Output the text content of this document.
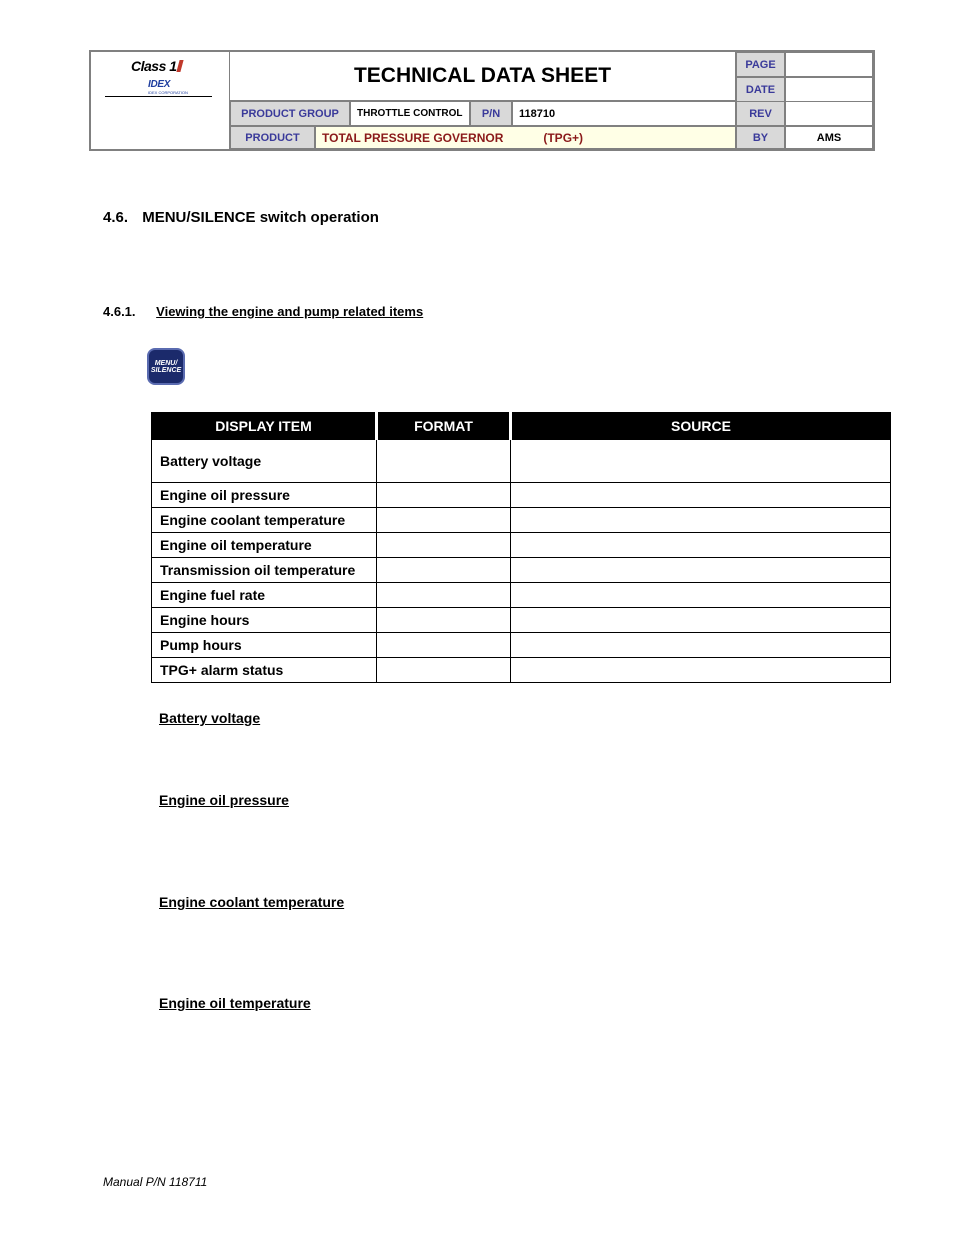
Class 1
IDEX
IDEX CORPORATION
TECHNICAL DATA SHEET	PAGE
DATE
PRODUCT GROUP	THROTTLE CONTROL	P/N	118710	REV
PRODUCT	TOTAL PRESSURE GOVERNOR	(TPG+)	BY	AMS
4.6. MENU/SILENCE switch operation

4.6.1. Viewing the engine and pump related items

MENU/
SILENCE
DISPLAY ITEM	FORMAT	SOURCE
Battery voltage		
Engine oil pressure		
Engine coolant temperature		
Engine oil temperature		
Transmission oil temperature		
Engine fuel rate		
Engine hours		
Pump hours		
TPG+ alarm status		

Battery voltage

Engine oil pressure

Engine coolant temperature

Engine oil temperature

Manual P/N 118711
